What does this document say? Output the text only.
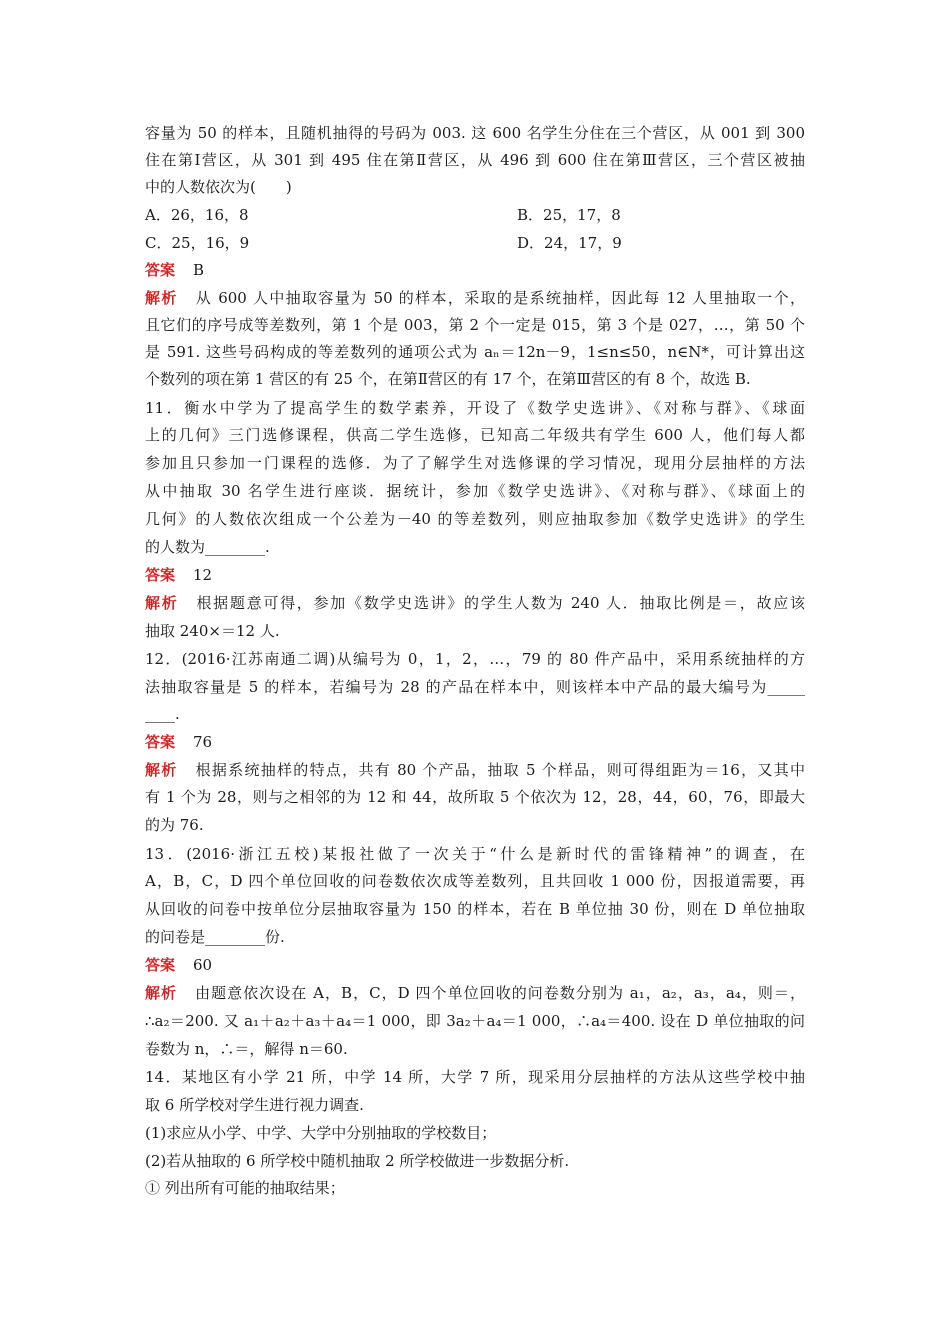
容量为 50 的样本，且随机抽得的号码为 003. 这 600 名学生分住在三个营区，从 001 到 300
住在第Ⅰ营区，从 301 到 495 住在第Ⅱ营区，从 496 到 600 住在第Ⅲ营区，三个营区被抽
中的人数依次为(　　)
A．26，16，8	B．25，17，8
C．25，16，9	D．24，17，9
答案 B
解析 从 600 人中抽取容量为 50 的样本，采取的是系统抽样，因此每 12 人里抽取一个，
且它们的序号成等差数列，第 1 个是 003，第 2 个一定是 015，第 3 个是 027，…，第 50 个
是 591. 这些号码构成的等差数列的通项公式为 aₙ＝12n－9，1≤n≤50，n∈N*，可计算出这
个数列的项在第 1 营区的有 25 个，在第Ⅱ营区的有 17 个，在第Ⅲ营区的有 8 个，故选 B.
11．衡水中学为了提高学生的数学素养，开设了《数学史选讲》、《对称与群》、《球面
上的几何》三门选修课程，供高二学生选修，已知高二年级共有学生 600 人，他们每人都
参加且只参加一门课程的选修．为了了解学生对选修课的学习情况，现用分层抽样的方法
从中抽取 30 名学生进行座谈．据统计，参加《数学史选讲》、《对称与群》、《球面上的
几何》的人数依次组成一个公差为－40 的等差数列，则应抽取参加《数学史选讲》的学生
的人数为________.
答案 12
解析 根据题意可得，参加《数学史选讲》的学生人数为 240 人．抽取比例是＝，故应该
抽取 240×＝12 人.
12．(2016·江苏南通二调)从编号为 0，1，2，…，79 的 80 件产品中，采用系统抽样的方
法抽取容量是 5 的样本，若编号为 28 的产品在样本中，则该样本中产品的最大编号为_____
____.
答案 76
解析 根据系统抽样的特点，共有 80 个产品，抽取 5 个样品，则可得组距为＝16，又其中
有 1 个为 28，则与之相邻的为 12 和 44，故所取 5 个依次为 12，28，44，60，76，即最大
的为 76.
13．(2016·浙江五校)某报社做了一次关于“什么是新时代的雷锋精神”的调查，在
A，B，C，D 四个单位回收的问卷数依次成等差数列，且共回收 1 000 份，因报道需要，再
从回收的问卷中按单位分层抽取容量为 150 的样本，若在 B 单位抽 30 份，则在 D 单位抽取
的问卷是________份.
答案 60
解析 由题意依次设在 A，B，C，D 四个单位回收的问卷数分别为 a₁，a₂，a₃，a₄，则＝，
∴a₂＝200. 又 a₁＋a₂＋a₃＋a₄＝1 000，即 3a₂＋a₄＝1 000，∴a₄＝400. 设在 D 单位抽取的问
卷数为 n，∴＝，解得 n＝60.
14．某地区有小学 21 所，中学 14 所，大学 7 所，现采用分层抽样的方法从这些学校中抽
取 6 所学校对学生进行视力调查.
(1)求应从小学、中学、大学中分别抽取的学校数目；
(2)若从抽取的 6 所学校中随机抽取 2 所学校做进一步数据分析.
① 列出所有可能的抽取结果；
